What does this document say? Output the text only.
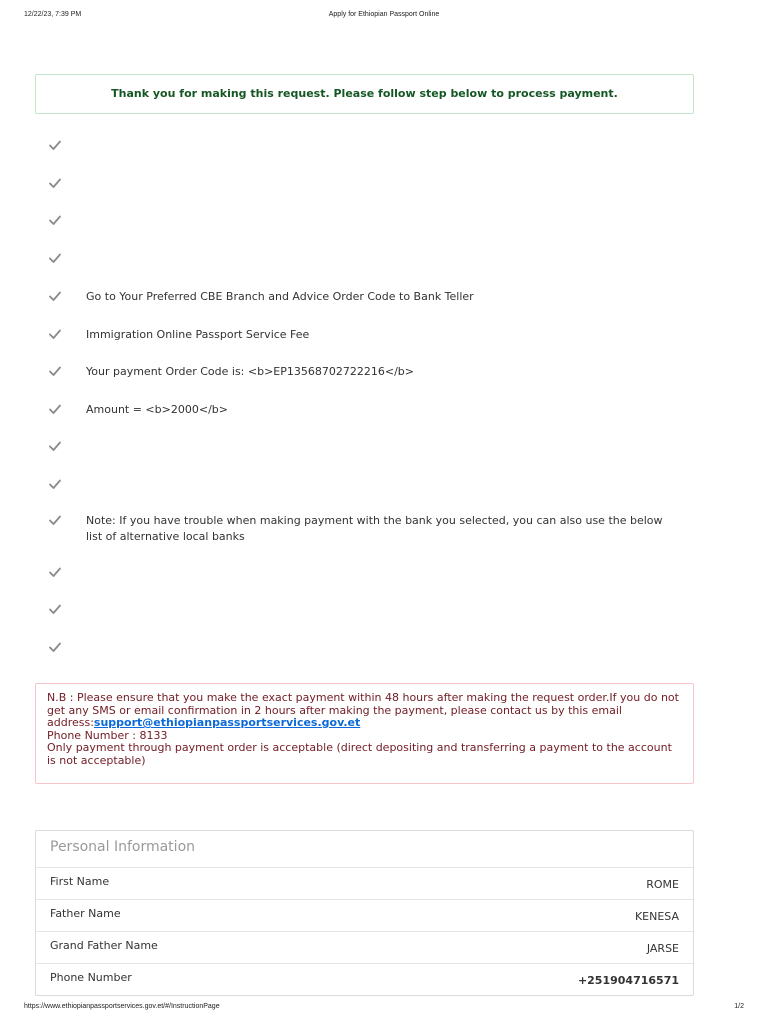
12/22/23, 7:39 PM	Apply for Ethiopian Passport Online
Thank you for making this request. Please follow step below to process payment.
Go to Your Preferred CBE Branch and Advice Order Code to Bank Teller
Immigration Online Passport Service Fee
Your payment Order Code is: <b>EP13568702722216</b>
Amount = <b>2000</b>
Note: If you have trouble when making payment with the bank you selected, you can also use the below list of alternative local banks
N.B : Please ensure that you make the exact payment within 48 hours after making the request order.If you do not get any SMS or email confirmation in 2 hours after making the payment, please contact us by this email address:support@ethiopianpassportservices.gov.et
Phone Number : 8133
Only payment through payment order is acceptable (direct depositing and transferring a payment to the account is not acceptable)
Personal Information
First Name	ROME
Father Name	KENESA
Grand Father Name	JARSE
Phone Number	+251904716571
https://www.ethiopianpassportservices.gov.et/#/InstructionPage	1/2
